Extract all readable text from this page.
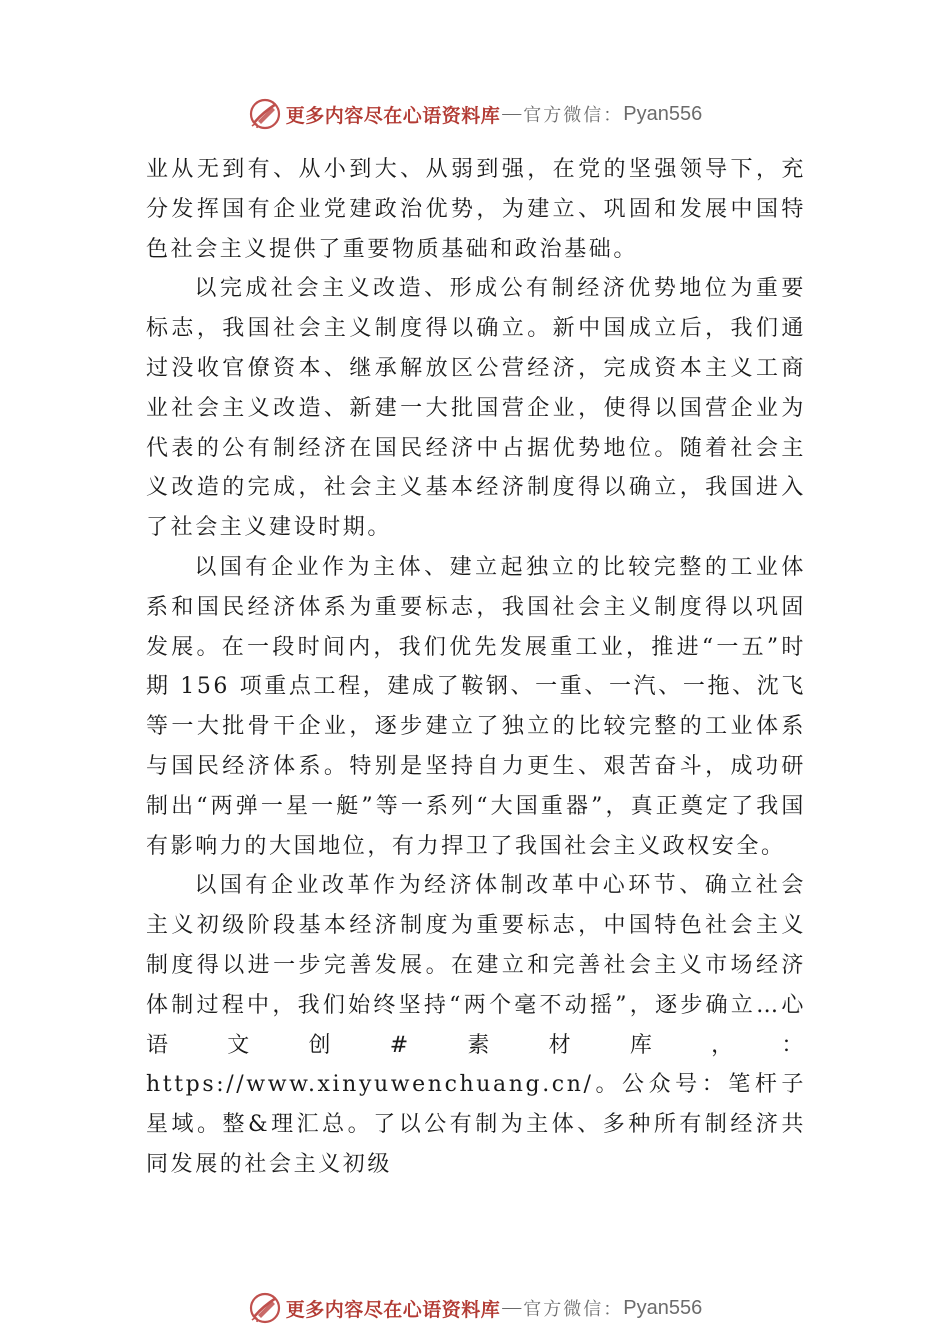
更多内容尽在心语资料库 — 官方微信： Pyan556

业从无到有、从小到大、从弱到强，在党的坚强领导下，充分发挥国有企业党建政治优势，为建立、巩固和发展中国特色社会主义提供了重要物质基础和政治基础。

以完成社会主义改造、形成公有制经济优势地位为重要标志，我国社会主义制度得以确立。新中国成立后，我们通过没收官僚资本、继承解放区公营经济，完成资本主义工商业社会主义改造、新建一大批国营企业，使得以国营企业为代表的公有制经济在国民经济中占据优势地位。随着社会主义改造的完成，社会主义基本经济制度得以确立，我国进入了社会主义建设时期。

以国有企业作为主体、建立起独立的比较完整的工业体系和国民经济体系为重要标志，我国社会主义制度得以巩固发展。在一段时间内，我们优先发展重工业，推进“一五”时期 156 项重点工程，建成了鞍钢、一重、一汽、一拖、沈飞等一大批骨干企业，逐步建立了独立的比较完整的工业体系与国民经济体系。特别是坚持自力更生、艰苦奋斗，成功研制出“两弹一星一艇”等一系列“大国重器”，真正奠定了我国有影响力的大国地位，有力捍卫了我国社会主义政权安全。

以国有企业改革作为经济体制改革中心环节、确立社会主义初级阶段基本经济制度为重要标志，中国特色社会主义制度得以进一步完善发展。在建立和完善社会主义市场经济体制过程中，我们始终坚持“两个毫不动摇”，逐步确立…心语文创#素材库，：https://www.xinyuwenchuang.cn/。公众号：笔杆子星域。整&理汇总。了以公有制为主体、多种所有制经济共同发展的社会主义初级

更多内容尽在心语资料库 — 官方微信： Pyan556
